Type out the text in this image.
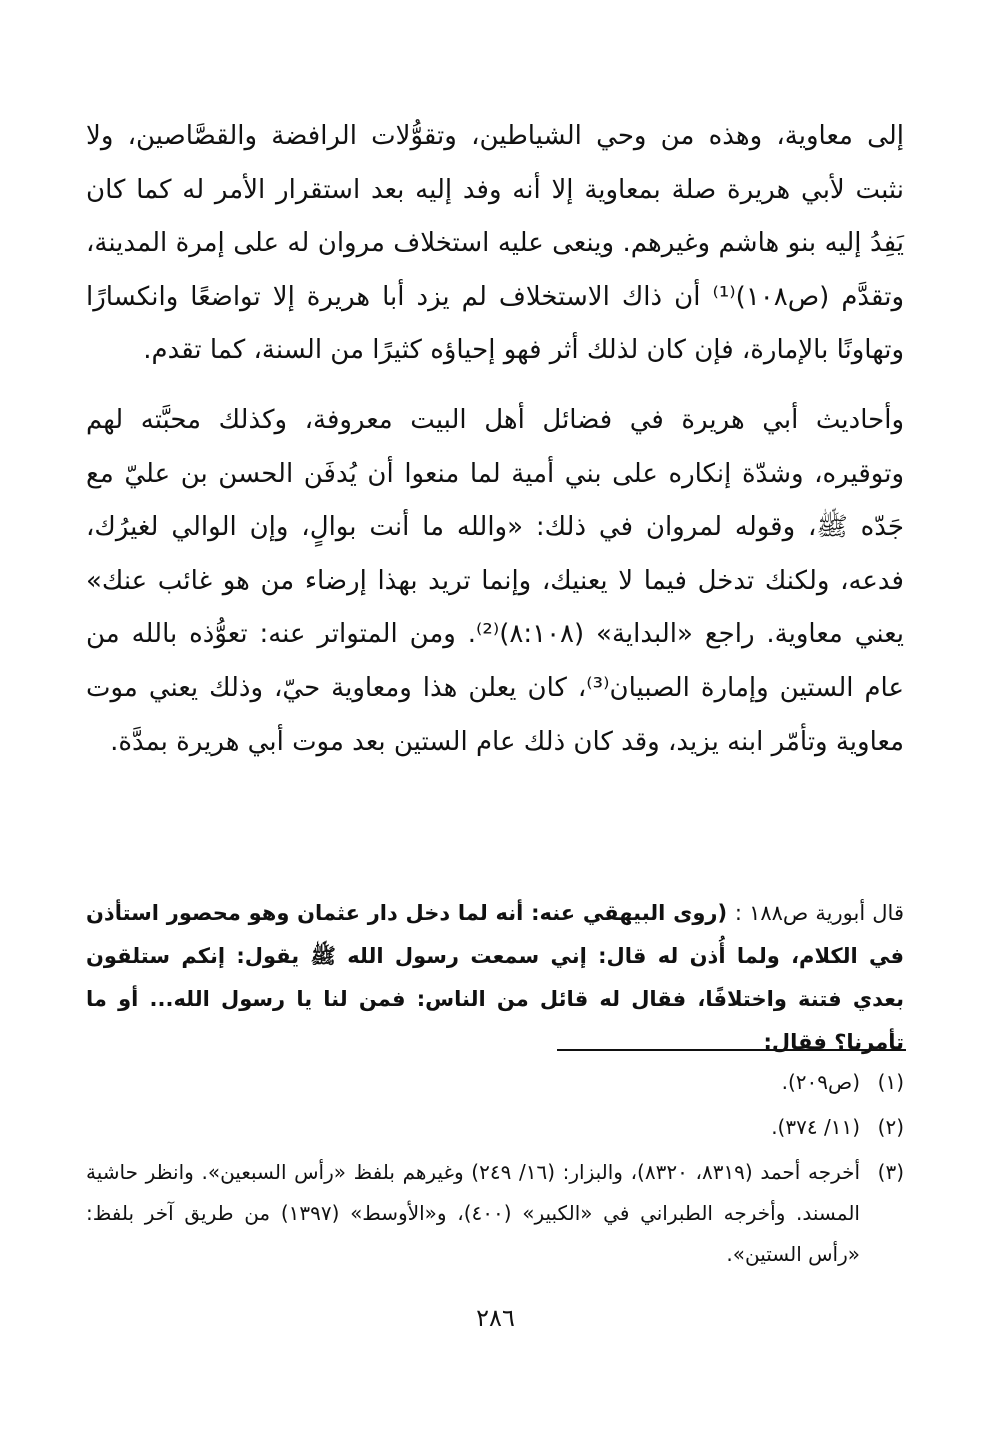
إلى معاوية، وهذه من وحي الشياطين، وتقوُّلات الرافضة والقصَّاصين، ولا نثبت لأبي هريرة صلة بمعاوية إلا أنه وفد إليه بعد استقرار الأمر له كما كان يَفِدُ إليه بنو هاشم وغيرهم. وينعى عليه استخلاف مروان له على إمرة المدينة، وتقدَّم (ص١٠٨)⁽¹⁾ أن ذاك الاستخلاف لم يزد أبا هريرة إلا تواضعًا وانكسارًا وتهاونًا بالإمارة، فإن كان لذلك أثر فهو إحياؤه كثيرًا من السنة، كما تقدم.

وأحاديث أبي هريرة في فضائل أهل البيت معروفة، وكذلك محبَّته لهم وتوقيره، وشدّة إنكاره على بني أمية لما منعوا أن يُدفَن الحسن بن عليّ مع جَدّه ﷺ، وقوله لمروان في ذلك: «والله ما أنت بوالٍ، وإن الوالي لغيرُك، فدعه، ولكنك تدخل فيما لا يعنيك، وإنما تريد بهذا إرضاء من هو غائب عنك» يعني معاوية. راجع «البداية» (٨:١٠٨)⁽²⁾. ومن المتواتر عنه: تعوُّذه بالله من عام الستين وإمارة الصبيان⁽³⁾، كان يعلن هذا ومعاوية حيّ، وذلك يعني موت معاوية وتأمّر ابنه يزيد، وقد كان ذلك عام الستين بعد موت أبي هريرة بمدَّة.

قال أبورية ص١٨٨ : (روى البيهقي عنه: أنه لما دخل دار عثمان وهو محصور استأذن في الكلام، ولما أُذن له قال: إني سمعت رسول الله ﷺ يقول: إنكم ستلقون بعدي فتنة واختلافًا، فقال له قائل من الناس: فمن لنا يا رسول الله... أو ما تأمرنا؟ فقال:
(١)
(ص٢٠٩).
(٢)
(١١/ ٣٧٤).
(٣)
أخرجه أحمد (٨٣١٩، ٨٣٢٠)، والبزار: (١٦/ ٢٤٩) وغيرهم بلفظ «رأس السبعين». وانظر حاشية المسند. وأخرجه الطبراني في «الكبير» (٤٠٠)، و«الأوسط» (١٣٩٧) من طريق آخر بلفظ: «رأس الستين».
٢٨٦
